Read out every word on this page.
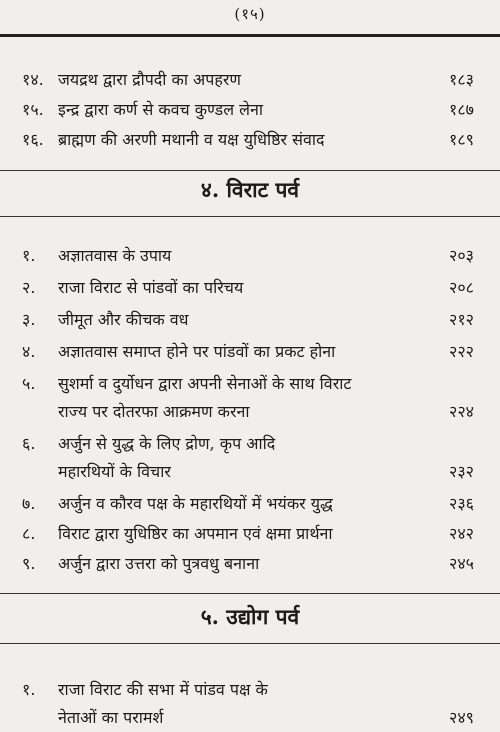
(१५)
१४. जयद्रथ द्वारा द्रौपदी का अपहरण	१८३
१५. इन्द्र द्वारा कर्ण से कवच कुण्डल लेना	१८७
१६. ब्राह्मण की अरणी मथानी व यक्ष युधिष्ठिर संवाद	१८९
४. विराट पर्व
१. अज्ञातवास के उपाय	२०३
२. राजा विराट से पांडवों का परिचय	२०८
३. जीमूत और कीचक वध	२१२
४. अज्ञातवास समाप्त होने पर पांडवों का प्रकट होना	२२२
५. सुशर्मा व दुर्योधन द्वारा अपनी सेनाओं के साथ विराट
राज्य पर दोतरफा आक्रमण करना	२२४
६. अर्जुन से युद्ध के लिए द्रोण, कृप आदि
महारथियों के विचार	२३२
७. अर्जुन व कौरव पक्ष के महारथियों में भयंकर युद्ध	२३६
८. विराट द्वारा युधिष्ठिर का अपमान एवं क्षमा प्रार्थना	२४२
९. अर्जुन द्वारा उत्तरा को पुत्रवधु बनाना	२४५
५. उद्योग पर्व
१. राजा विराट की सभा में पांडव पक्ष के
नेताओं का परामर्श	२४९
